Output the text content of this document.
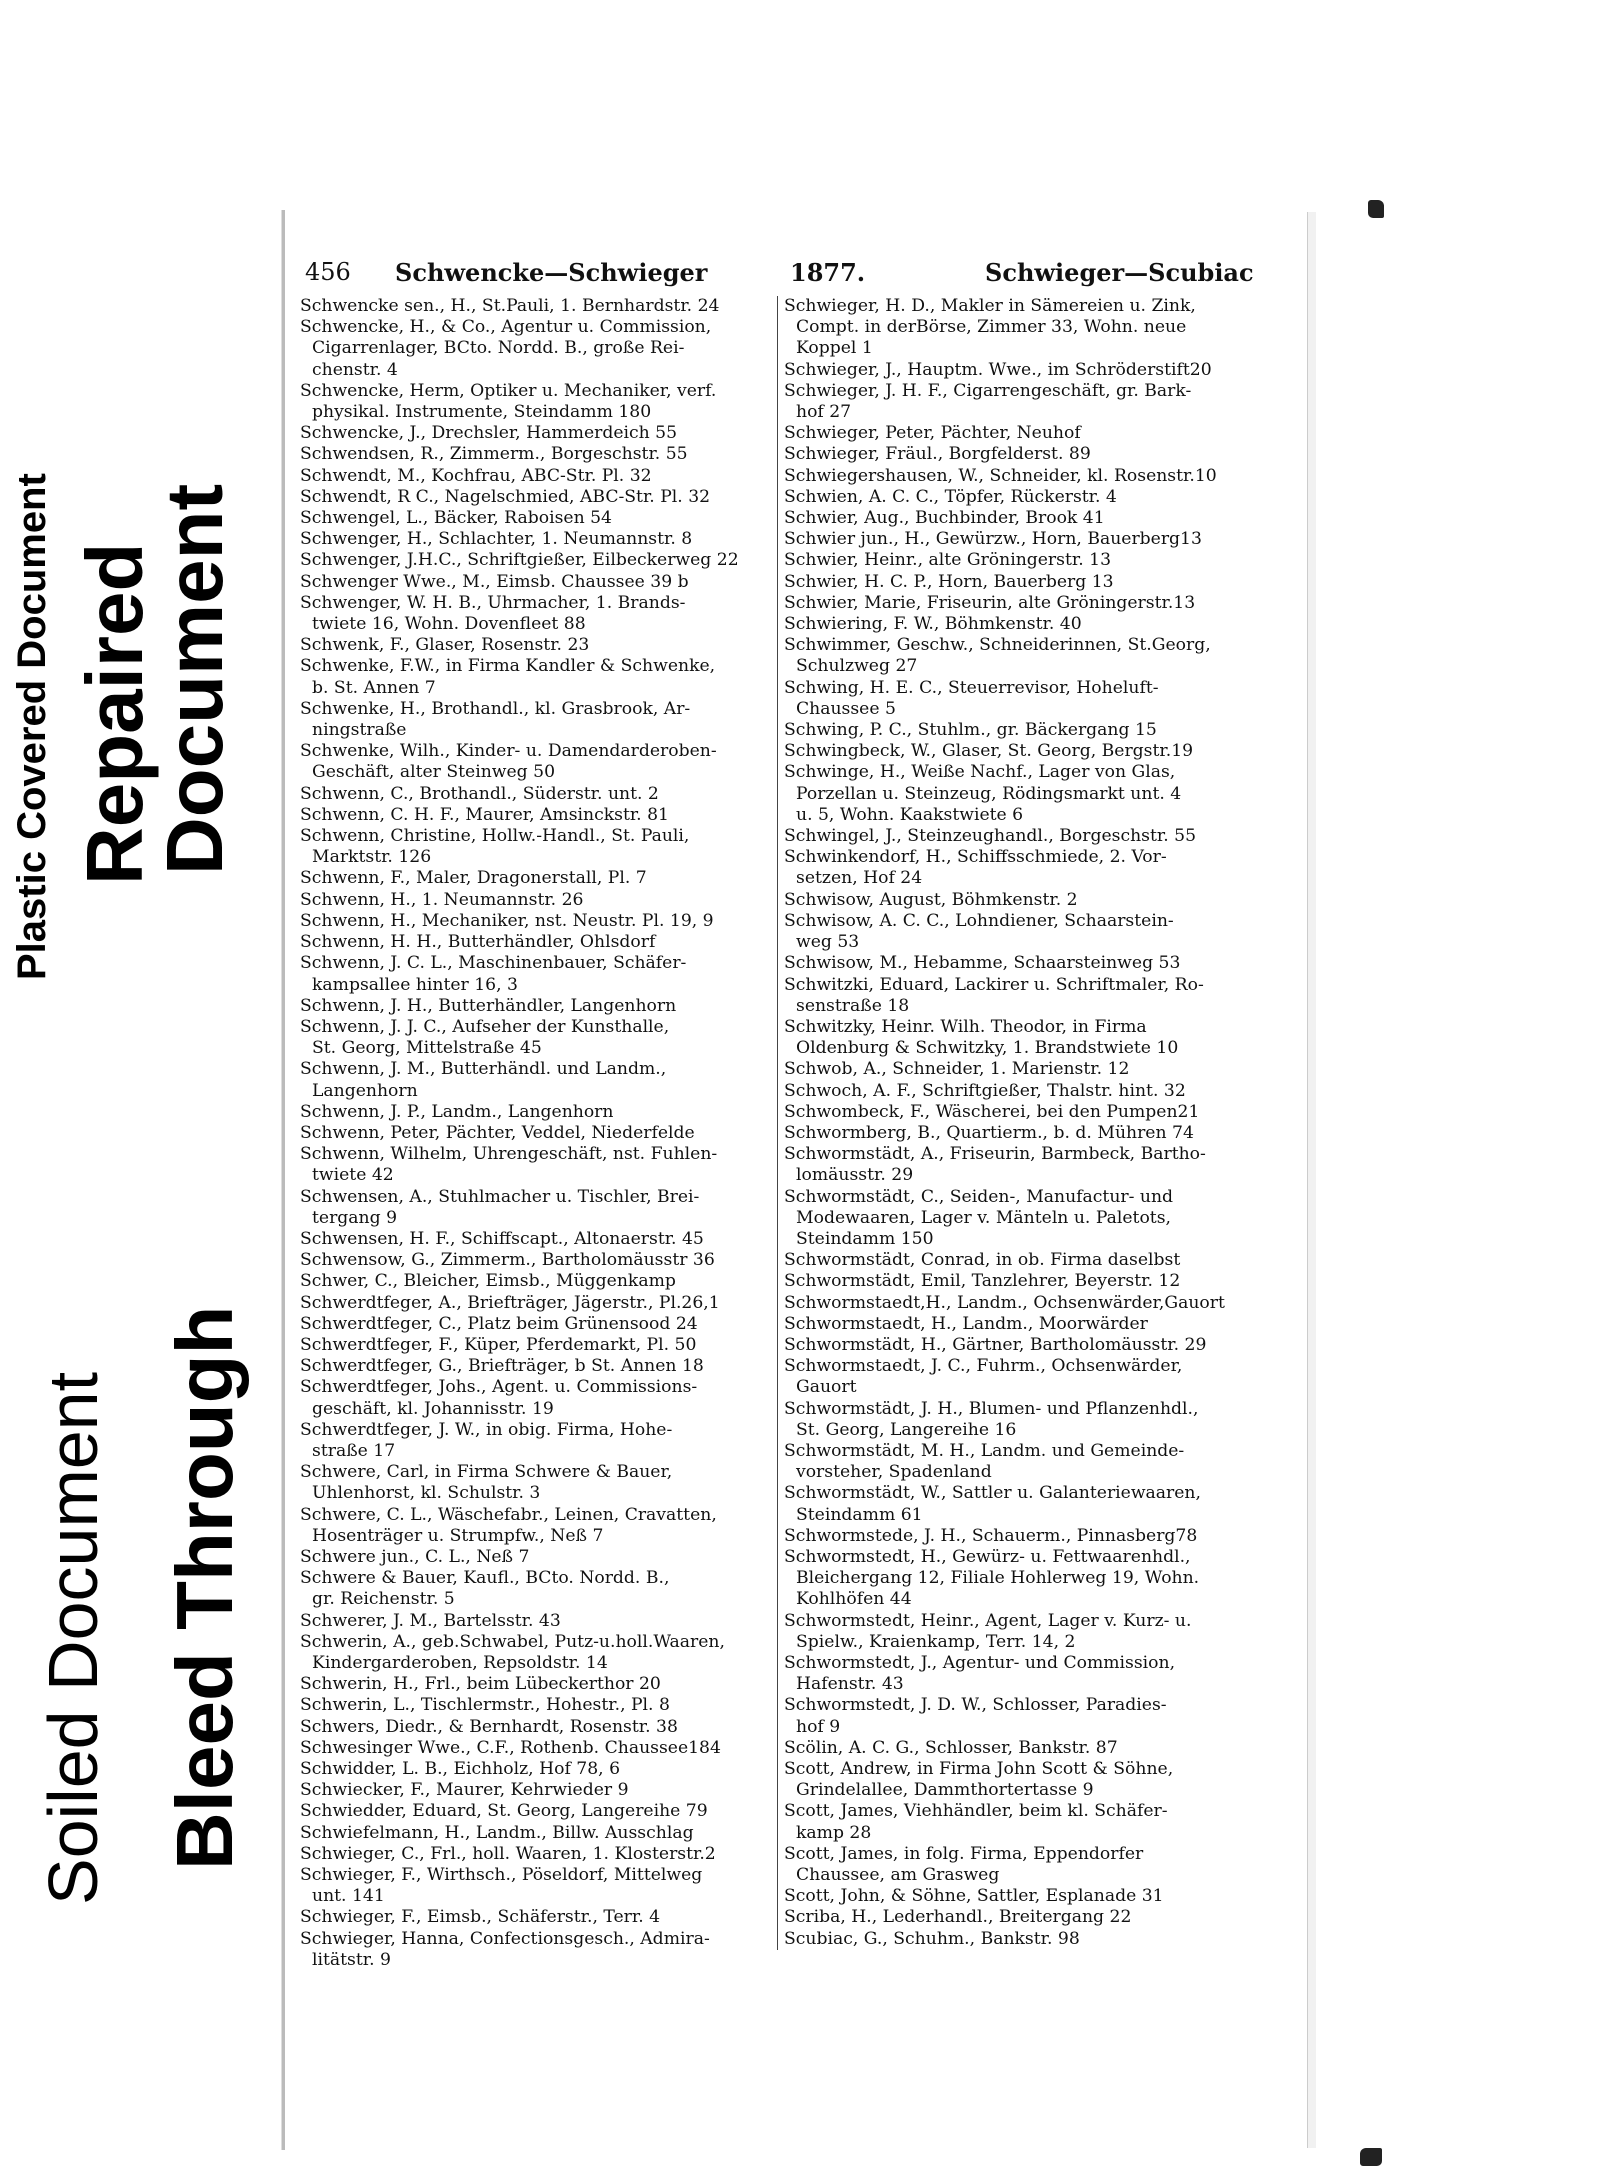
Plastic Covered Document Repaired
Document
Soiled Document Bleed Through
456 Schwencke—Schwieger	1877.	Schwieger—Scubiac
Schwencke sen., H., St.Pauli, 1. Bernhardstr. 24
Schwencke, H., & Co., Agentur u. Commission,
Cigarrenlager, BCto. Nordd. B., große Rei-
chenstr. 4
Schwencke, Herm, Optiker u. Mechaniker, verf.
physikal. Instrumente, Steindamm 180
Schwencke, J., Drechsler, Hammerdeich 55
Schwendsen, R., Zimmerm., Borgeschstr. 55
Schwendt, M., Kochfrau, ABC-Str. Pl. 32
Schwendt, R C., Nagelschmied, ABC-Str. Pl. 32
Schwengel, L., Bäcker, Raboisen 54
Schwenger, H., Schlachter, 1. Neumannstr. 8
Schwenger, J.H.C., Schriftgießer, Eilbeckerweg 22
Schwenger Wwe., M., Eimsb. Chaussee 39 b
Schwenger, W. H. B., Uhrmacher, 1. Brands-
twiete 16, Wohn. Dovenfleet 88
Schwenk, F., Glaser, Rosenstr. 23
Schwenke, F.W., in Firma Kandler & Schwenke,
b. St. Annen 7
Schwenke, H., Brothandl., kl. Grasbrook, Ar-
ningstraße
Schwenke, Wilh., Kinder- u. Damendarderoben-
Geschäft, alter Steinweg 50
Schwenn, C., Brothandl., Süderstr. unt. 2
Schwenn, C. H. F., Maurer, Amsinckstr. 81
Schwenn, Christine, Hollw.-Handl., St. Pauli,
Marktstr. 126
Schwenn, F., Maler, Dragonerstall, Pl. 7
Schwenn, H., 1. Neumannstr. 26
Schwenn, H., Mechaniker, nst. Neustr. Pl. 19, 9
Schwenn, H. H., Butterhändler, Ohlsdorf
Schwenn, J. C. L., Maschinenbauer, Schäfer-
kampsallee hinter 16, 3
Schwenn, J. H., Butterhändler, Langenhorn
Schwenn, J. J. C., Aufseher der Kunsthalle,
St. Georg, Mittelstraße 45
Schwenn, J. M., Butterhändl. und Landm.,
Langenhorn
Schwenn, J. P., Landm., Langenhorn
Schwenn, Peter, Pächter, Veddel, Niederfelde
Schwenn, Wilhelm, Uhrengeschäft, nst. Fuhlen-
twiete 42
Schwensen, A., Stuhlmacher u. Tischler, Brei-
tergang 9
Schwensen, H. F., Schiffscapt., Altonaerstr. 45
Schwensow, G., Zimmerm., Bartholomäusstr 36
Schwer, C., Bleicher, Eimsb., Müggenkamp
Schwerdtfeger, A., Briefträger, Jägerstr., Pl.26,1
Schwerdtfeger, C., Platz beim Grünensood 24
Schwerdtfeger, F., Küper, Pferdemarkt, Pl. 50
Schwerdtfeger, G., Briefträger, b St. Annen 18
Schwerdtfeger, Johs., Agent. u. Commissions-
geschäft, kl. Johannisstr. 19
Schwerdtfeger, J. W., in obig. Firma, Hohe-
straße 17
Schwere, Carl, in Firma Schwere & Bauer,
Uhlenhorst, kl. Schulstr. 3
Schwere, C. L., Wäschefabr., Leinen, Cravatten,
Hosenträger u. Strumpfw., Neß 7
Schwere jun., C. L., Neß 7
Schwere & Bauer, Kaufl., BCto. Nordd. B.,
gr. Reichenstr. 5
Schwerer, J. M., Bartelsstr. 43
Schwerin, A., geb.Schwabel, Putz-u.holl.Waaren,
Kindergarderoben, Repsoldstr. 14
Schwerin, H., Frl., beim Lübeckerthor 20
Schwerin, L., Tischlermstr., Hohestr., Pl. 8
Schwers, Diedr., & Bernhardt, Rosenstr. 38
Schwesinger Wwe., C.F., Rothenb. Chaussee184
Schwidder, L. B., Eichholz, Hof 78, 6
Schwiecker, F., Maurer, Kehrwieder 9
Schwiedder, Eduard, St. Georg, Langereihe 79
Schwiefelmann, H., Landm., Billw. Ausschlag
Schwieger, C., Frl., holl. Waaren, 1. Klosterstr.2
Schwieger, F., Wirthsch., Pöseldorf, Mittelweg
unt. 141
Schwieger, F., Eimsb., Schäferstr., Terr. 4
Schwieger, Hanna, Confectionsgesch., Admira-
litätstr. 9
Schwieger, H. D., Makler in Sämereien u. Zink,
Compt. in derBörse, Zimmer 33, Wohn. neue
Koppel 1
Schwieger, J., Hauptm. Wwe., im Schröderstift20
Schwieger, J. H. F., Cigarrengeschäft, gr. Bark-
hof 27
Schwieger, Peter, Pächter, Neuhof
Schwieger, Fräul., Borgfelderst. 89
Schwiegershausen, W., Schneider, kl. Rosenstr.10
Schwien, A. C. C., Töpfer, Rückerstr. 4
Schwier, Aug., Buchbinder, Brook 41
Schwier jun., H., Gewürzw., Horn, Bauerberg13
Schwier, Heinr., alte Gröningerstr. 13
Schwier, H. C. P., Horn, Bauerberg 13
Schwier, Marie, Friseurin, alte Gröningerstr.13
Schwiering, F. W., Böhmkenstr. 40
Schwimmer, Geschw., Schneiderinnen, St.Georg,
Schulzweg 27
Schwing, H. E. C., Steuerrevisor, Hoheluft-
Chaussee 5
Schwing, P. C., Stuhlm., gr. Bäckergang 15
Schwingbeck, W., Glaser, St. Georg, Bergstr.19
Schwinge, H., Weiße Nachf., Lager von Glas,
Porzellan u. Steinzeug, Rödingsmarkt unt. 4
u. 5, Wohn. Kaakstwiete 6
Schwingel, J., Steinzeughandl., Borgeschstr. 55
Schwinkendorf, H., Schiffsschmiede, 2. Vor-
setzen, Hof 24
Schwisow, August, Böhmkenstr. 2
Schwisow, A. C. C., Lohndiener, Schaarstein-
weg 53
Schwisow, M., Hebamme, Schaarsteinweg 53
Schwitzki, Eduard, Lackirer u. Schriftmaler, Ro-
senstraße 18
Schwitzky, Heinr. Wilh. Theodor, in Firma
Oldenburg & Schwitzky, 1. Brandstwiete 10
Schwob, A., Schneider, 1. Marienstr. 12
Schwoch, A. F., Schriftgießer, Thalstr. hint. 32
Schwombeck, F., Wäscherei, bei den Pumpen21
Schwormberg, B., Quartierm., b. d. Mühren 74
Schwormstädt, A., Friseurin, Barmbeck, Bartho-
lomäusstr. 29
Schwormstädt, C., Seiden-, Manufactur- und
Modewaaren, Lager v. Mänteln u. Paletots,
Steindamm 150
Schwormstädt, Conrad, in ob. Firma daselbst
Schwormstädt, Emil, Tanzlehrer, Beyerstr. 12
Schwormstaedt,H., Landm., Ochsenwärder,Gauort
Schwormstaedt, H., Landm., Moorwärder
Schwormstädt, H., Gärtner, Bartholomäusstr. 29
Schwormstaedt, J. C., Fuhrm., Ochsenwärder,
Gauort
Schwormstädt, J. H., Blumen- und Pflanzenhdl.,
St. Georg, Langereihe 16
Schwormstädt, M. H., Landm. und Gemeinde-
vorsteher, Spadenland
Schwormstädt, W., Sattler u. Galanteriewaaren,
Steindamm 61
Schwormstede, J. H., Schauerm., Pinnasberg78
Schwormstedt, H., Gewürz- u. Fettwaarenhdl.,
Bleichergang 12, Filiale Hohlerweg 19, Wohn.
Kohlhöfen 44
Schwormstedt, Heinr., Agent, Lager v. Kurz- u.
Spielw., Kraienkamp, Terr. 14, 2
Schwormstedt, J., Agentur- und Commission,
Hafenstr. 43
Schwormstedt, J. D. W., Schlosser, Paradies-
hof 9
Scölin, A. C. G., Schlosser, Bankstr. 87
Scott, Andrew, in Firma John Scott & Söhne,
Grindelallee, Dammthortertasse 9
Scott, James, Viehhändler, beim kl. Schäfer-
kamp 28
Scott, James, in folg. Firma, Eppendorfer
Chaussee, am Grasweg
Scott, John, & Söhne, Sattler, Esplanade 31
Scriba, H., Lederhandl., Breitergang 22
Scubiac, G., Schuhm., Bankstr. 98
